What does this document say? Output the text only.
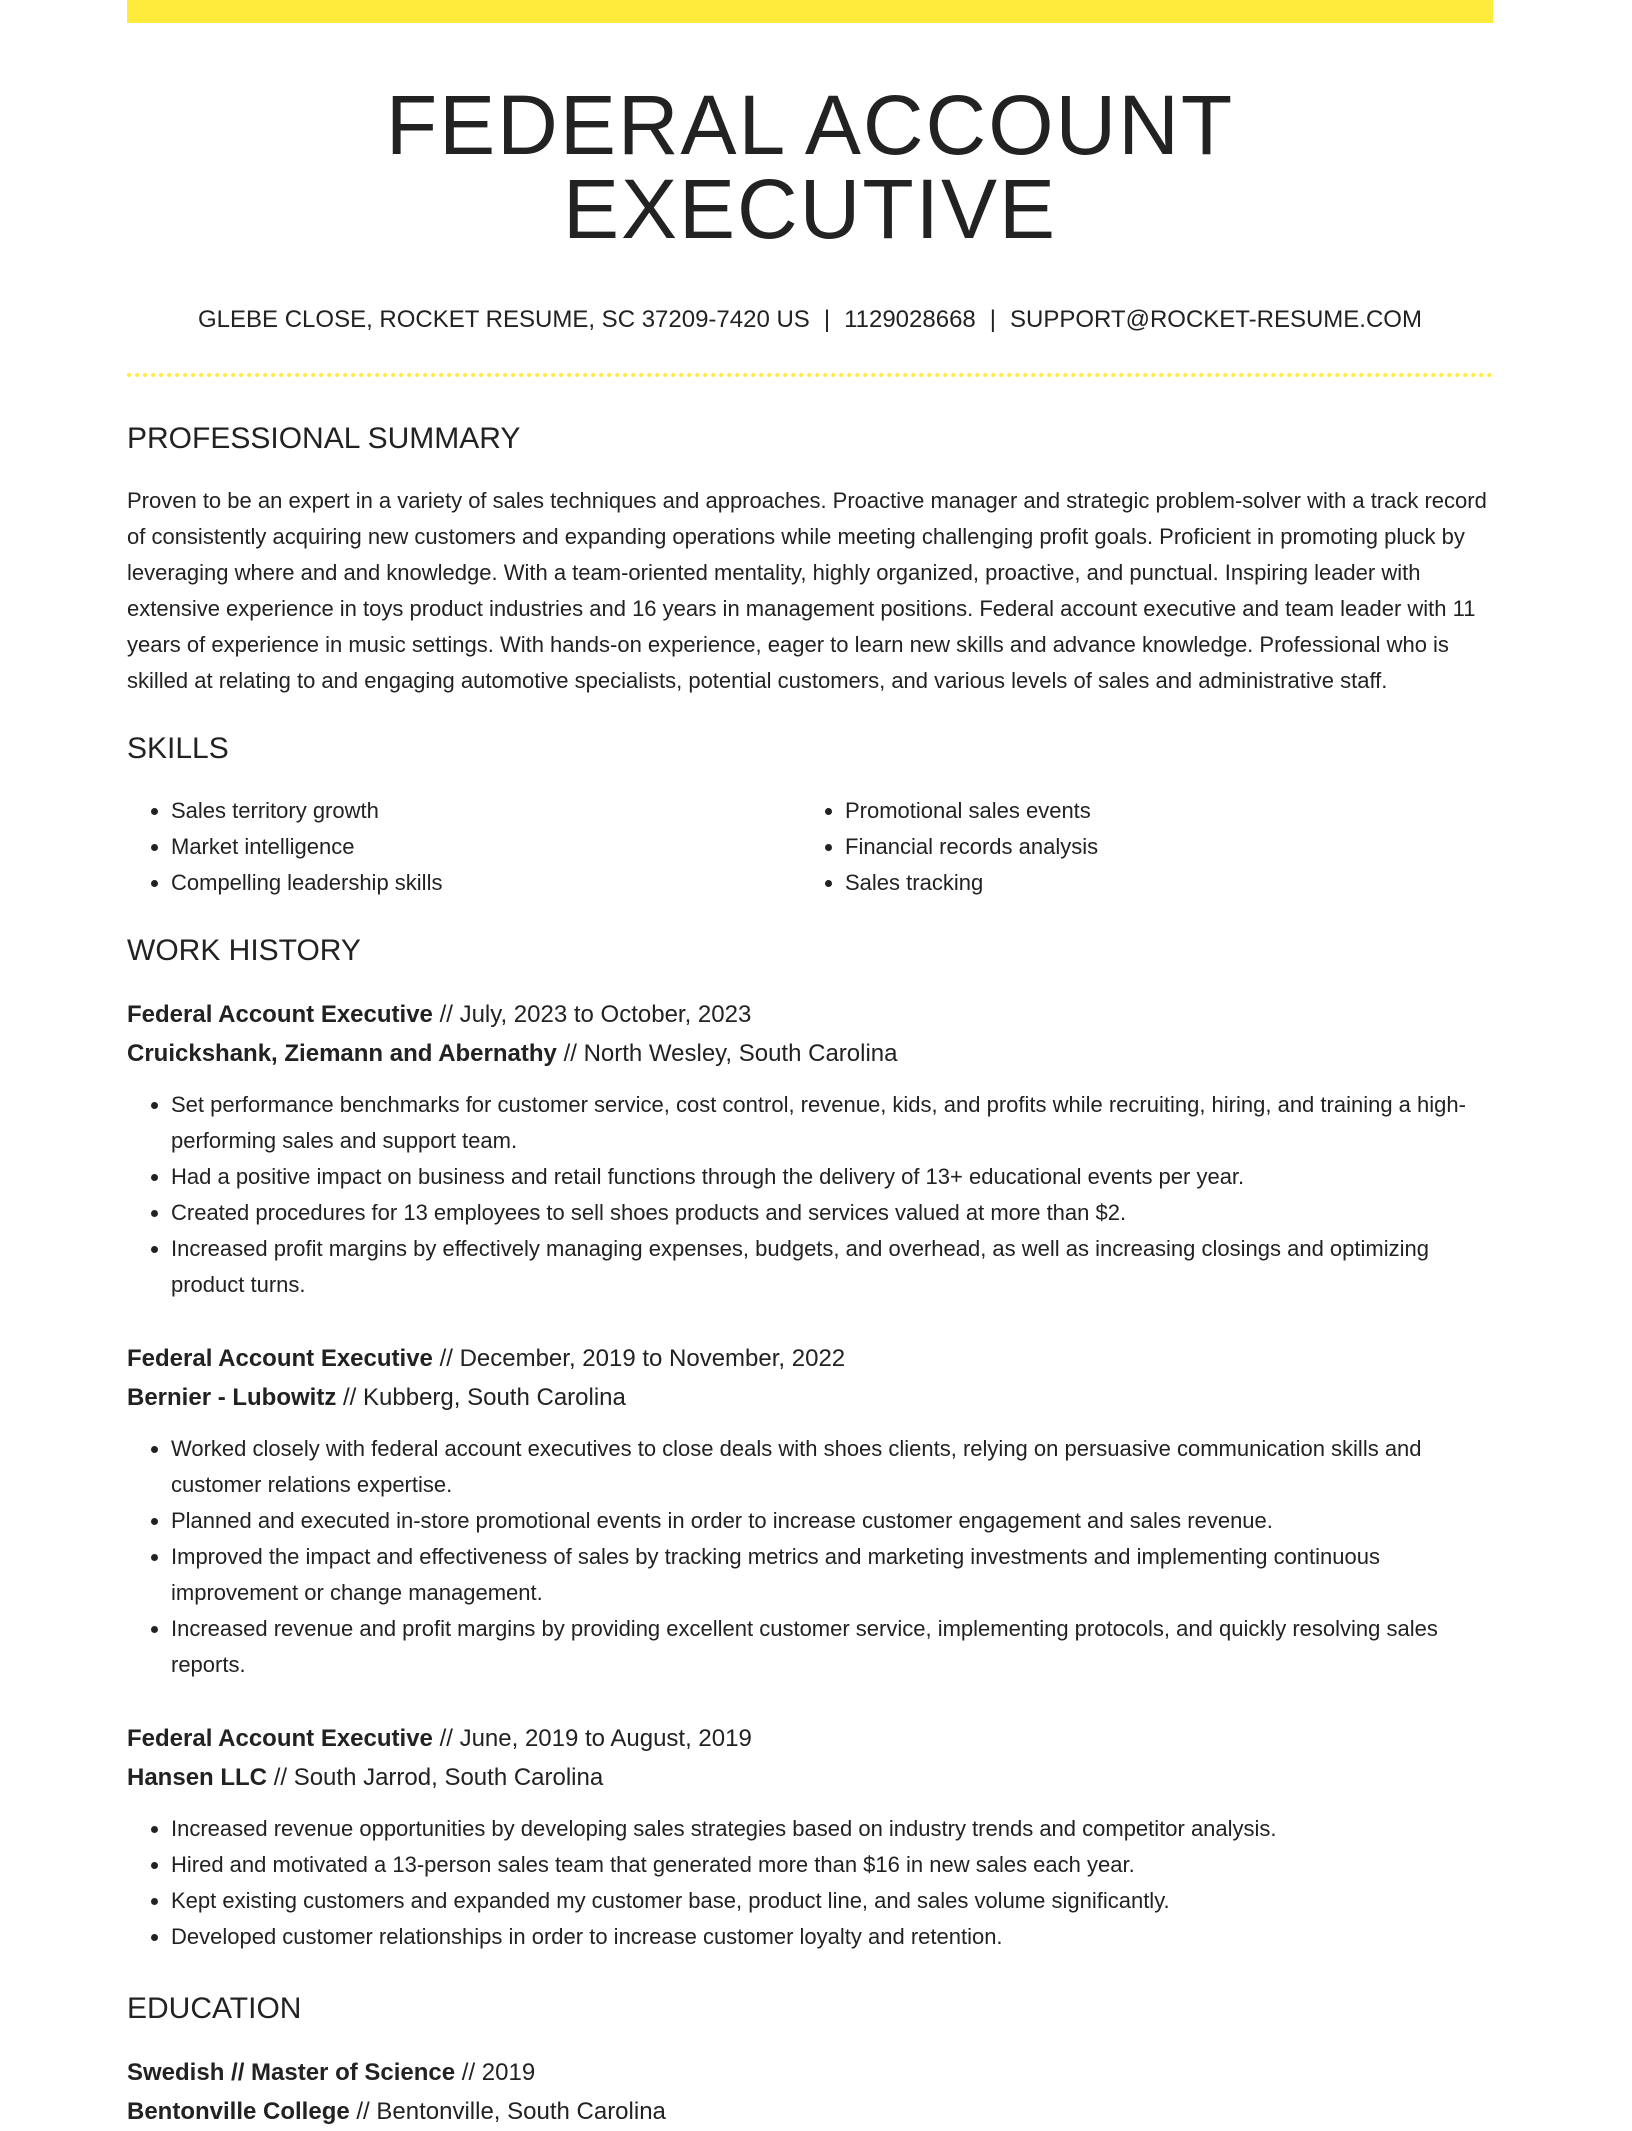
FEDERAL ACCOUNT EXECUTIVE
GLEBE CLOSE, ROCKET RESUME, SC 37209-7420 US | 1129028668 | SUPPORT@ROCKET-RESUME.COM
PROFESSIONAL SUMMARY

Proven to be an expert in a variety of sales techniques and approaches. Proactive manager and strategic problem-solver with a track record of consistently acquiring new customers and expanding operations while meeting challenging profit goals. Proficient in promoting pluck by leveraging where and and knowledge. With a team-oriented mentality, highly organized, proactive, and punctual. Inspiring leader with extensive experience in toys product industries and 16 years in management positions. Federal account executive and team leader with 11 years of experience in music settings. With hands-on experience, eager to learn new skills and advance knowledge. Professional who is skilled at relating to and engaging automotive specialists, potential customers, and various levels of sales and administrative staff.

SKILLS
• Sales territory growth
• Market intelligence
• Compelling leadership skills
• Promotional sales events
• Financial records analysis
• Sales tracking
WORK HISTORY
Federal Account Executive // July, 2023 to October, 2023
Cruickshank, Ziemann and Abernathy // North Wesley, South Carolina
• Set performance benchmarks for customer service, cost control, revenue, kids, and profits while recruiting, hiring, and training a high-performing sales and support team.
• Had a positive impact on business and retail functions through the delivery of 13+ educational events per year.
• Created procedures for 13 employees to sell shoes products and services valued at more than $2.
• Increased profit margins by effectively managing expenses, budgets, and overhead, as well as increasing closings and optimizing product turns.
Federal Account Executive // December, 2019 to November, 2022
Bernier - Lubowitz // Kubberg, South Carolina
• Worked closely with federal account executives to close deals with shoes clients, relying on persuasive communication skills and customer relations expertise.
• Planned and executed in-store promotional events in order to increase customer engagement and sales revenue.
• Improved the impact and effectiveness of sales by tracking metrics and marketing investments and implementing continuous improvement or change management.
• Increased revenue and profit margins by providing excellent customer service, implementing protocols, and quickly resolving sales reports.
Federal Account Executive // June, 2019 to August, 2019
Hansen LLC // South Jarrod, South Carolina
• Increased revenue opportunities by developing sales strategies based on industry trends and competitor analysis.
• Hired and motivated a 13-person sales team that generated more than $16 in new sales each year.
• Kept existing customers and expanded my customer base, product line, and sales volume significantly.
• Developed customer relationships in order to increase customer loyalty and retention.
EDUCATION
Swedish // Master of Science // 2019
Bentonville College // Bentonville, South Carolina
